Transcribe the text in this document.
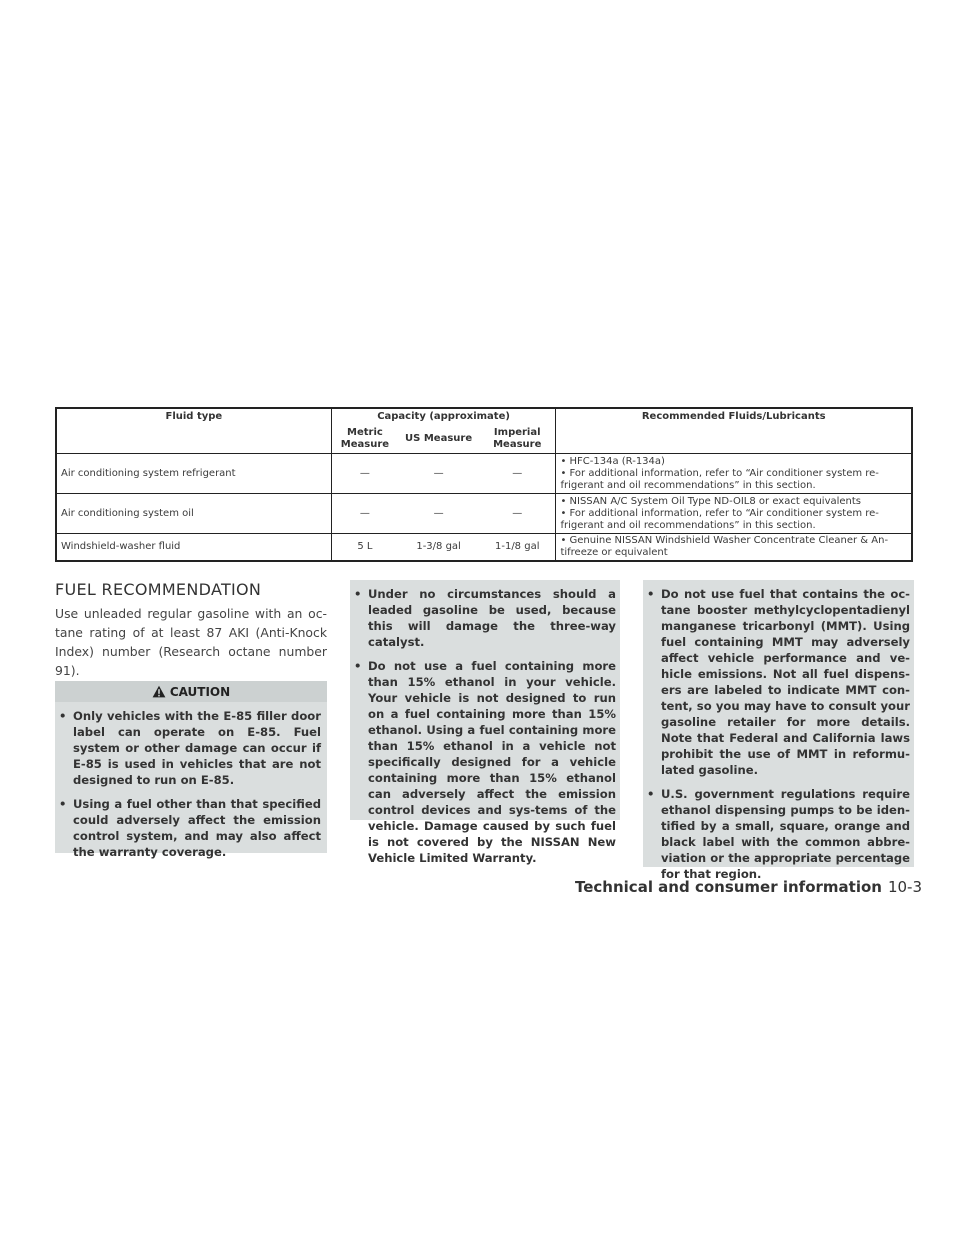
Fluid type	Capacity (approximate)			Recommended Fluids/Lubricants
	Metric Measure	US Measure	Imperial Measure	
Air conditioning system refrigerant	—	—	—	• HFC-134a (R-134a)
• For additional information, refer to “Air conditioner system re-frigerant and oil recommendations” in this section.

Air conditioning system oil	—	—	—	• NISSAN A/C System Oil Type ND-OIL8 or exact equivalents
• For additional information, refer to “Air conditioner system re-frigerant and oil recommendations” in this section.

Windshield-washer fluid	5 L	1-3/8 gal	1-1/8 gal	• Genuine NISSAN Windshield Washer Concentrate Cleaner & An-tifreeze or equivalent
FUEL RECOMMENDATION

Use unleaded regular gasoline with an oc-tane rating of at least 87 AKI (Anti-Knock Index) number (Research octane number 91).

CAUTION
• Only vehicles with the E-85 filler door label can operate on E-85. Fuel system or other damage can occur if E-85 is used in vehicles that are not designed to run on E-85.
• Using a fuel other than that specified could adversely affect the emission control system, and may also affect the warranty coverage.
• Under no circumstances should a leaded gasoline be used, because this will damage the three-way catalyst.
• Do not use a fuel containing more than 15% ethanol in your vehicle. Your vehicle is not designed to run on a fuel containing more than 15% ethanol. Using a fuel containing more than 15% ethanol in a vehicle not specifically designed for a vehicle containing more than 15% ethanol can adversely affect the emission control devices and sys-tems of the vehicle. Damage caused by such fuel is not covered by the NISSAN New Vehicle Limited Warranty.
• Do not use fuel that contains the oc-tane booster methylcyclopentadienyl manganese tricarbonyl (MMT). Using fuel containing MMT may adversely affect vehicle performance and ve-hicle emissions. Not all fuel dispens-ers are labeled to indicate MMT con-tent, so you may have to consult your gasoline retailer for more details. Note that Federal and California laws prohibit the use of MMT in reformu-lated gasoline.
• U.S. government regulations require ethanol dispensing pumps to be iden-tified by a small, square, orange and black label with the common abbre-viation or the appropriate percentage for that region.
Technical and consumer information 10-3
